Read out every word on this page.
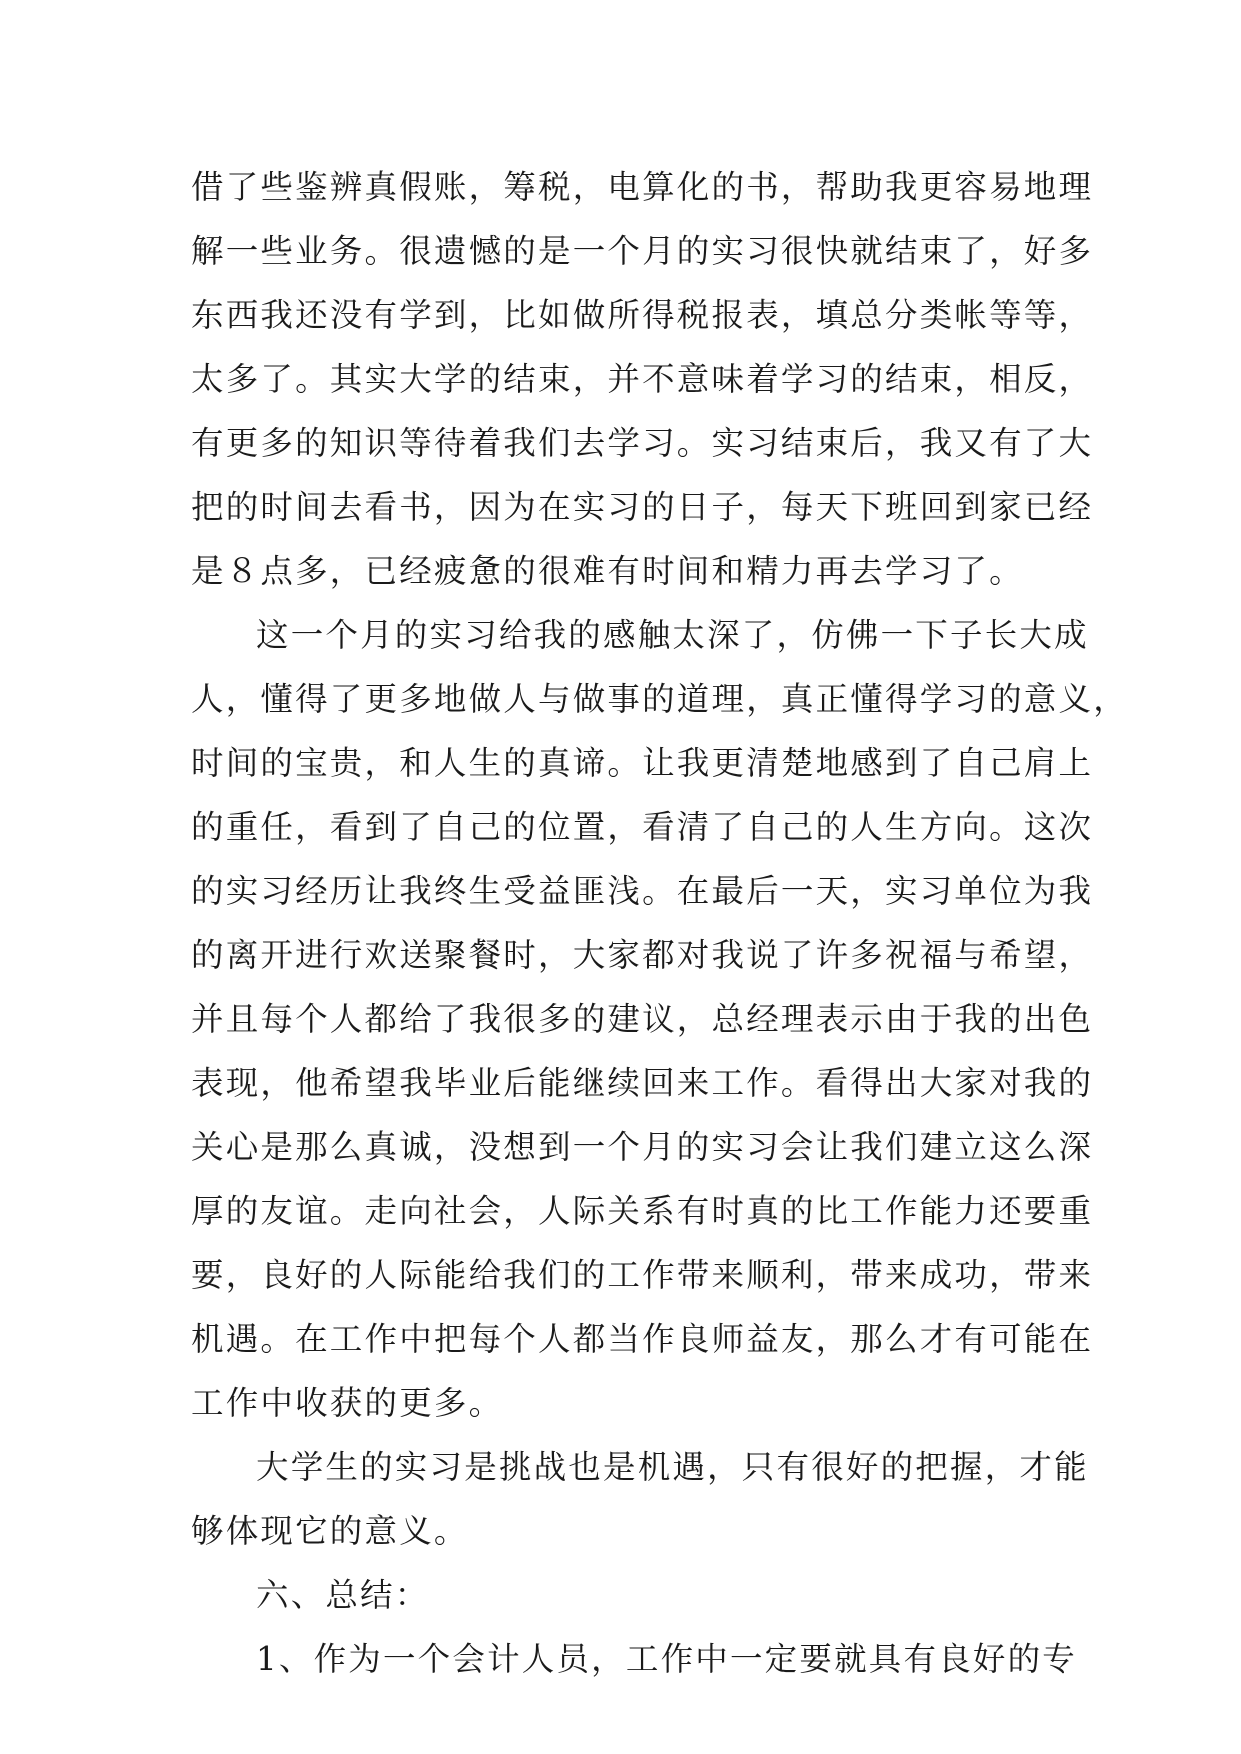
借了些鉴辨真假账，筹税，电算化的书，帮助我更容易地理
解一些业务。很遗憾的是一个月的实习很快就结束了，好多
东西我还没有学到，比如做所得税报表，填总分类帐等等，
太多了。其实大学的结束，并不意味着学习的结束，相反，
有更多的知识等待着我们去学习。实习结束后，我又有了大
把的时间去看书，因为在实习的日子，每天下班回到家已经
是８点多，已经疲惫的很难有时间和精力再去学习了。
这一个月的实习给我的感触太深了，仿佛一下子长大成
人，懂得了更多地做人与做事的道理，真正懂得学习的意义，
时间的宝贵，和人生的真谛。让我更清楚地感到了自己肩上
的重任，看到了自己的位置，看清了自己的人生方向。这次
的实习经历让我终生受益匪浅。在最后一天，实习单位为我
的离开进行欢送聚餐时，大家都对我说了许多祝福与希望，
并且每个人都给了我很多的建议，总经理表示由于我的出色
表现，他希望我毕业后能继续回来工作。看得出大家对我的
关心是那么真诚，没想到一个月的实习会让我们建立这么深
厚的友谊。走向社会，人际关系有时真的比工作能力还要重
要，良好的人际能给我们的工作带来顺利，带来成功，带来
机遇。在工作中把每个人都当作良师益友，那么才有可能在
工作中收获的更多。
大学生的实习是挑战也是机遇，只有很好的把握，才能
够体现它的意义。
六、总结：
1、作为一个会计人员，工作中一定要就具有良好的专
